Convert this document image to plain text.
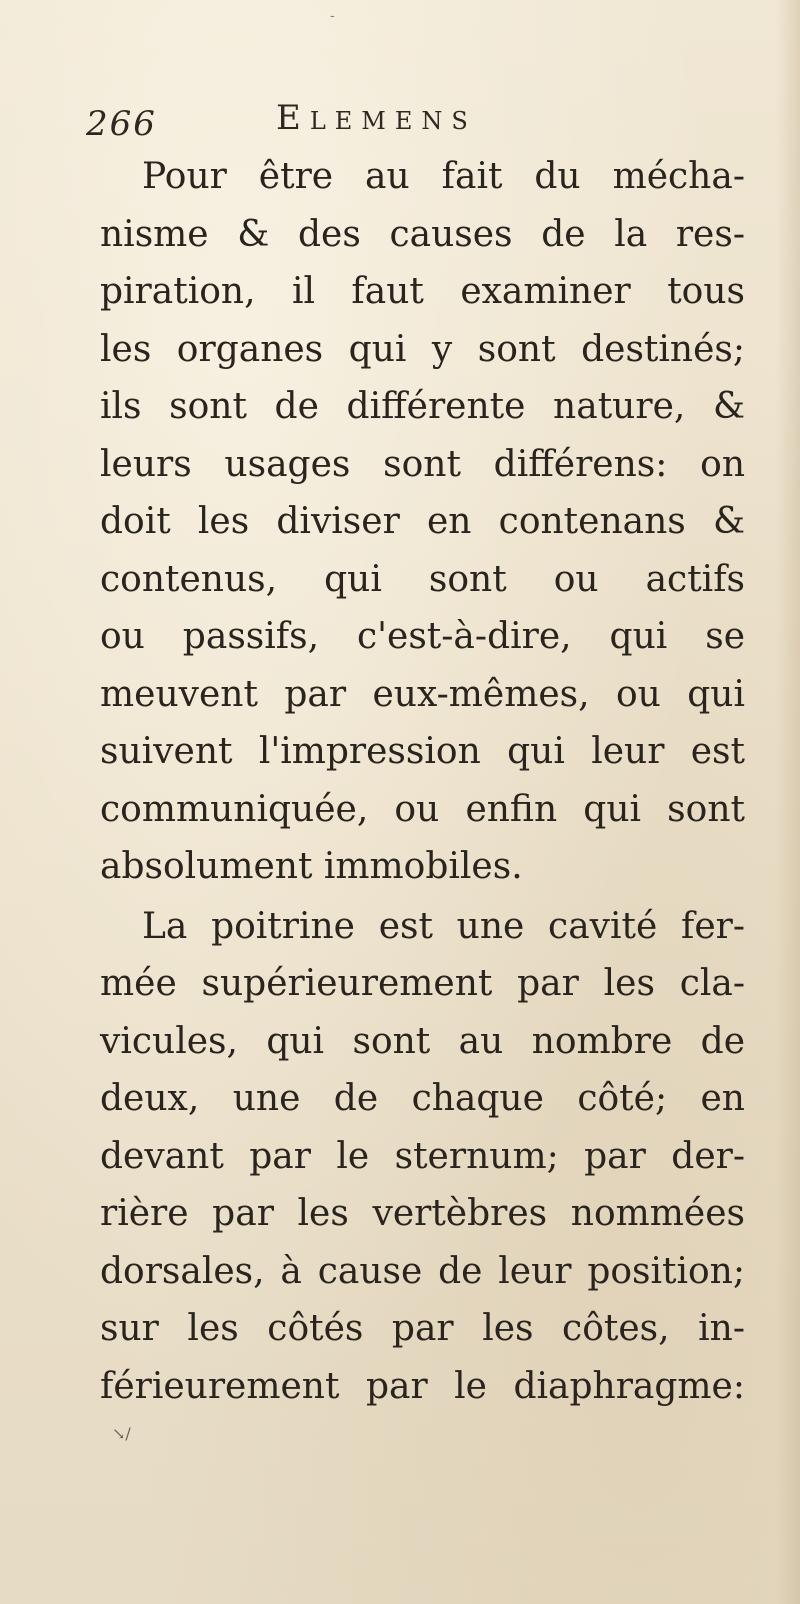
-
266	Elemens
Pour être au fait du mécha-
nisme & des causes de la res-
piration, il faut examiner tous
les organes qui y sont destinés;
ils sont de différente nature, &
leurs usages sont différens: on
doit les diviser en contenans &
contenus, qui sont ou actifs
ou passifs, c'est-à-dire, qui se
meuvent par eux-mêmes, ou qui
suivent l'impression qui leur est
communiquée, ou enfin qui sont
absolument immobiles.
La poitrine est une cavité fer-
mée supérieurement par les cla-
vicules, qui sont au nombre de
deux, une de chaque côté; en
devant par le sternum; par der-
rière par les vertèbres nommées
dorsales, à cause de leur position;
sur les côtés par les côtes, in-
férieurement par le diaphragme:
↘/
